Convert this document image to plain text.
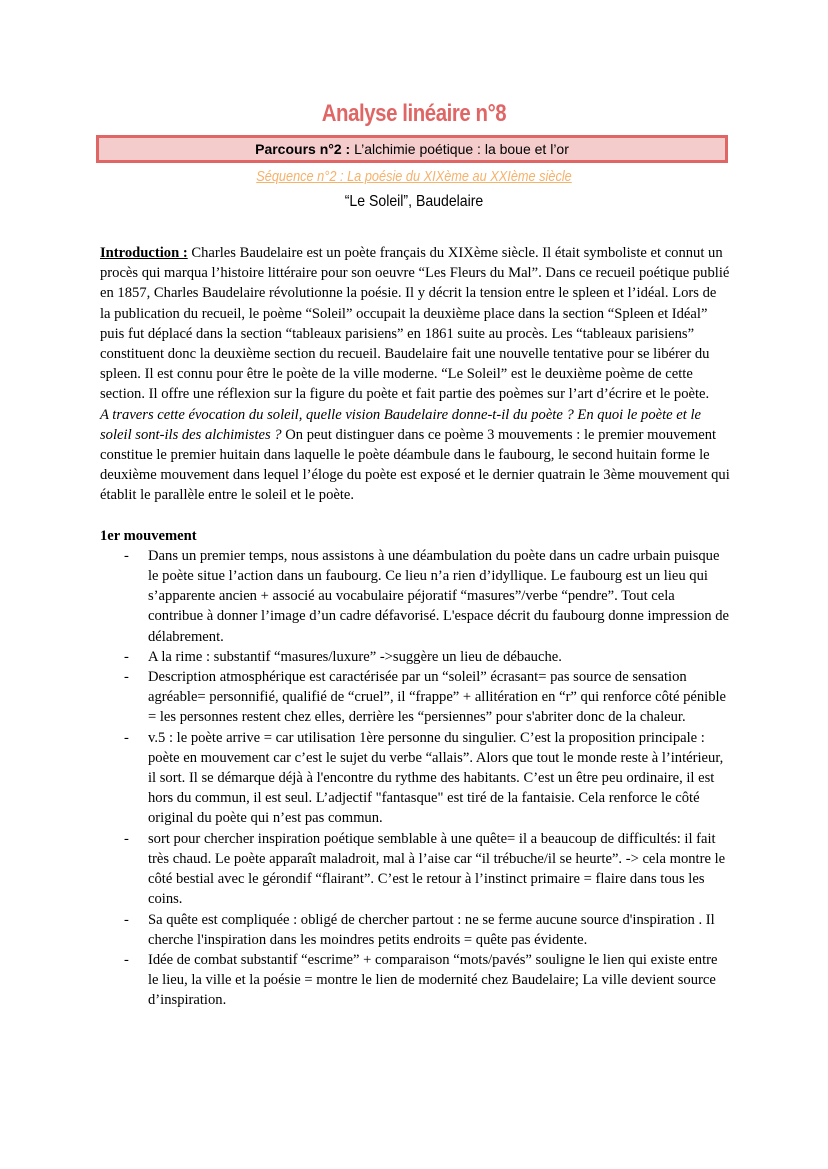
Analyse linéaire n°8
Parcours n°2 : L’alchimie poétique : la boue et l’or
Séquence n°2 : La poésie du XIXème au XXIème siècle
“Le Soleil”, Baudelaire

Introduction : Charles Baudelaire est un poète français du XIXème siècle. Il était symboliste et connut un procès qui marqua l’histoire littéraire pour son oeuvre “Les Fleurs du Mal”. Dans ce recueil poétique publié en 1857, Charles Baudelaire révolutionne la poésie. Il y décrit la tension entre le spleen et l’idéal. Lors de la publication du recueil, le poème “Soleil” occupait la deuxième place dans la section “Spleen et Idéal” puis fut déplacé dans la section “tableaux parisiens” en 1861 suite au procès. Les “tableaux parisiens” constituent donc la deuxième section du recueil. Baudelaire fait une nouvelle tentative pour se libérer du spleen. Il est connu pour être le poète de la ville moderne. “Le Soleil” est le deuxième poème de cette section. Il offre une réflexion sur la figure du poète et fait partie des poèmes sur l’art d’écrire et le poète.

A travers cette évocation du soleil, quelle vision Baudelaire donne-t-il du poète ? En quoi le poète et le soleil sont-ils des alchimistes ? On peut distinguer dans ce poème 3 mouvements : le premier mouvement constitue le premier huitain dans laquelle le poète déambule dans le faubourg, le second huitain forme le deuxième mouvement dans lequel l’éloge du poète est exposé et le dernier quatrain le 3ème mouvement qui établit le parallèle entre le soleil et le poète.

1er mouvement
- Dans un premier temps, nous assistons à une déambulation du poète dans un cadre urbain puisque le poète situe l’action dans un faubourg. Ce lieu n’a rien d’idyllique. Le faubourg est un lieu qui s’apparente ancien + associé au vocabulaire péjoratif “masures”/verbe “pendre”. Tout cela contribue à donner l’image d’un cadre défavorisé. L'espace décrit du faubourg donne impression de délabrement.
- A la rime : substantif “masures/luxure” ->suggère un lieu de débauche.
- Description atmosphérique est caractérisée par un “soleil” écrasant= pas source de sensation agréable= personnifié, qualifié de “cruel”, il “frappe” + allitération en “r” qui renforce côté pénible = les personnes restent chez elles, derrière les “persiennes” pour s'abriter donc de la chaleur.
- v.5 : le poète arrive = car utilisation 1ère personne du singulier. C’est la proposition principale : poète en mouvement car c’est le sujet du verbe “allais”. Alors que tout le monde reste à l’intérieur, il sort. Il se démarque déjà à l'encontre du rythme des habitants. C’est un être peu ordinaire, il est hors du commun, il est seul. L’adjectif "fantasque" est tiré de la fantaisie. Cela renforce le côté original du poète qui n’est pas commun.
- sort pour chercher inspiration poétique semblable à une quête= il a beaucoup de difficultés: il fait très chaud. Le poète apparaît maladroit, mal à l’aise car “il trébuche/il se heurte”. -> cela montre le côté bestial avec le gérondif “flairant”. C’est le retour à l’instinct primaire = flaire dans tous les coins.
- Sa quête est compliquée : obligé de chercher partout : ne se ferme aucune source d'inspiration . Il cherche l'inspiration dans les moindres petits endroits = quête pas évidente.
- Idée de combat substantif “escrime” + comparaison “mots/pavés” souligne le lien qui existe entre le lieu, la ville et la poésie = montre le lien de modernité chez Baudelaire; La ville devient source d’inspiration.
